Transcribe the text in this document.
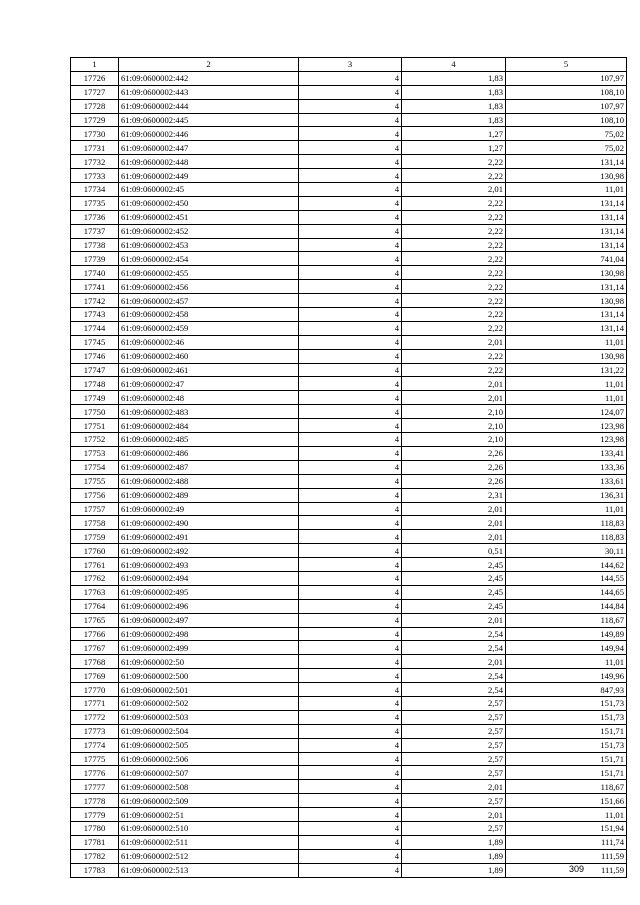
1	2	3	4	5
17726	61:09:0600002:442	4	1,83	107,97
17727	61:09:0600002:443	4	1,83	108,10
17728	61:09:0600002:444	4	1,83	107,97
17729	61:09:0600002:445	4	1,83	108,10
17730	61:09:0600002:446	4	1,27	75,02
17731	61:09:0600002:447	4	1,27	75,02
17732	61:09:0600002:448	4	2,22	131,14
17733	61:09:0600002:449	4	2,22	130,98
17734	61:09:0600002:45	4	2,01	11,01
17735	61:09:0600002:450	4	2,22	131,14
17736	61:09:0600002:451	4	2,22	131,14
17737	61:09:0600002:452	4	2,22	131,14
17738	61:09:0600002:453	4	2,22	131,14
17739	61:09:0600002:454	4	2,22	741,04
17740	61:09:0600002:455	4	2,22	130,98
17741	61:09:0600002:456	4	2,22	131,14
17742	61:09:0600002:457	4	2,22	130,98
17743	61:09:0600002:458	4	2,22	131,14
17744	61:09:0600002:459	4	2,22	131,14
17745	61:09:0600002:46	4	2,01	11,01
17746	61:09:0600002:460	4	2,22	130,98
17747	61:09:0600002:461	4	2,22	131,22
17748	61:09:0600002:47	4	2,01	11,01
17749	61:09:0600002:48	4	2,01	11,01
17750	61:09:0600002:483	4	2,10	124,07
17751	61:09:0600002:484	4	2,10	123,98
17752	61:09:0600002:485	4	2,10	123,98
17753	61:09:0600002:486	4	2,26	133,41
17754	61:09:0600002:487	4	2,26	133,36
17755	61:09:0600002:488	4	2,26	133,61
17756	61:09:0600002:489	4	2,31	136,31
17757	61:09:0600002:49	4	2,01	11,01
17758	61:09:0600002:490	4	2,01	118,83
17759	61:09:0600002:491	4	2,01	118,83
17760	61:09:0600002:492	4	0,51	30,11
17761	61:09:0600002:493	4	2,45	144,62
17762	61:09:0600002:494	4	2,45	144,55
17763	61:09:0600002:495	4	2,45	144,65
17764	61:09:0600002:496	4	2,45	144,84
17765	61:09:0600002:497	4	2,01	118,67
17766	61:09:0600002:498	4	2,54	149,89
17767	61:09:0600002:499	4	2,54	149,94
17768	61:09:0600002:50	4	2,01	11,01
17769	61:09:0600002:500	4	2,54	149,96
17770	61:09:0600002:501	4	2,54	847,93
17771	61:09:0600002:502	4	2,57	151,73
17772	61:09:0600002:503	4	2,57	151,73
17773	61:09:0600002:504	4	2,57	151,71
17774	61:09:0600002:505	4	2,57	151,73
17775	61:09:0600002:506	4	2,57	151,71
17776	61:09:0600002:507	4	2,57	151,71
17777	61:09:0600002:508	4	2,01	118,67
17778	61:09:0600002:509	4	2,57	151,66
17779	61:09:0600002:51	4	2,01	11,01
17780	61:09:0600002:510	4	2,57	151,94
17781	61:09:0600002:511	4	1,89	111,74
17782	61:09:0600002:512	4	1,89	111,59
17783	61:09:0600002:513	4	1,89	111,59
309
